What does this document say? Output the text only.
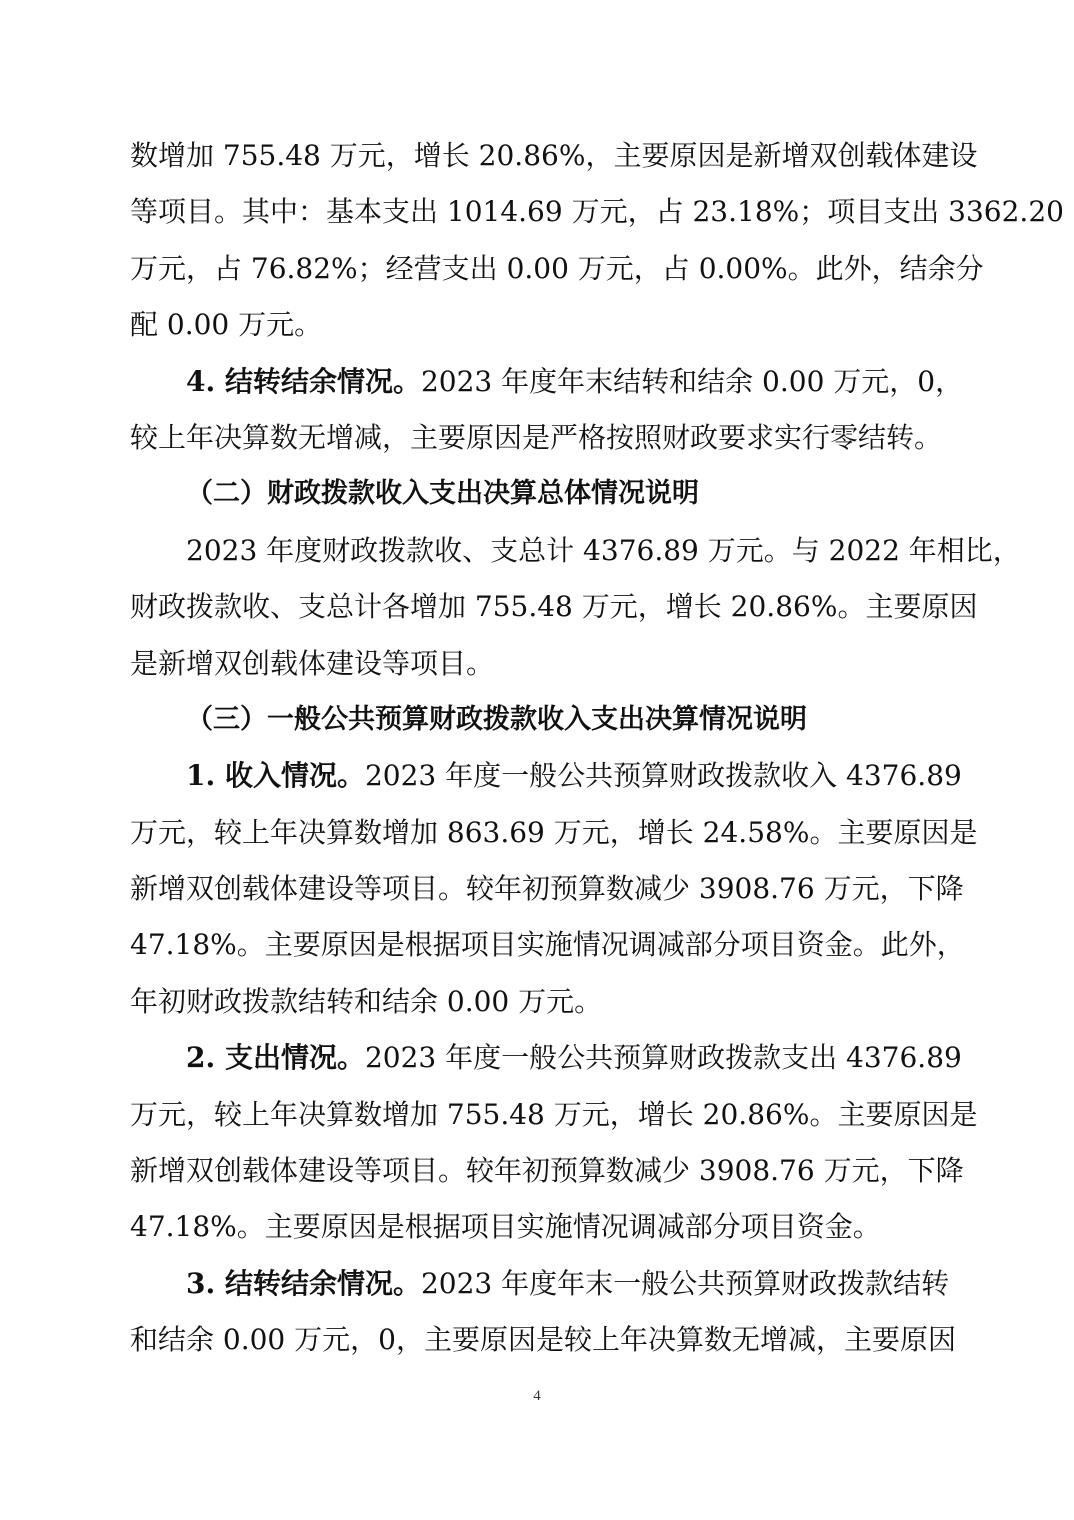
数增加 755.48 万元，增长 20.86%，主要原因是新增双创载体建设
等项目。其中：基本支出 1014.69 万元，占 23.18%；项目支出 3362.20
万元，占 76.82%；经营支出 0.00 万元，占 0.00%。此外，结余分
配 0.00 万元。
4. 结转结余情况。2023 年度年末结转和结余 0.00 万元，0，
较上年决算数无增减，主要原因是严格按照财政要求实行零结转。
（二）财政拨款收入支出决算总体情况说明
2023 年度财政拨款收、支总计 4376.89 万元。与 2022 年相比，
财政拨款收、支总计各增加 755.48 万元，增长 20.86%。主要原因
是新增双创载体建设等项目。
（三）一般公共预算财政拨款收入支出决算情况说明
1. 收入情况。2023 年度一般公共预算财政拨款收入 4376.89
万元，较上年决算数增加 863.69 万元，增长 24.58%。主要原因是
新增双创载体建设等项目。较年初预算数减少 3908.76 万元，下降
47.18%。主要原因是根据项目实施情况调减部分项目资金。此外，
年初财政拨款结转和结余 0.00 万元。
2. 支出情况。2023 年度一般公共预算财政拨款支出 4376.89
万元，较上年决算数增加 755.48 万元，增长 20.86%。主要原因是
新增双创载体建设等项目。较年初预算数减少 3908.76 万元，下降
47.18%。主要原因是根据项目实施情况调减部分项目资金。
3. 结转结余情况。2023 年度年末一般公共预算财政拨款结转
和结余 0.00 万元，0，主要原因是较上年决算数无增减，主要原因
4
